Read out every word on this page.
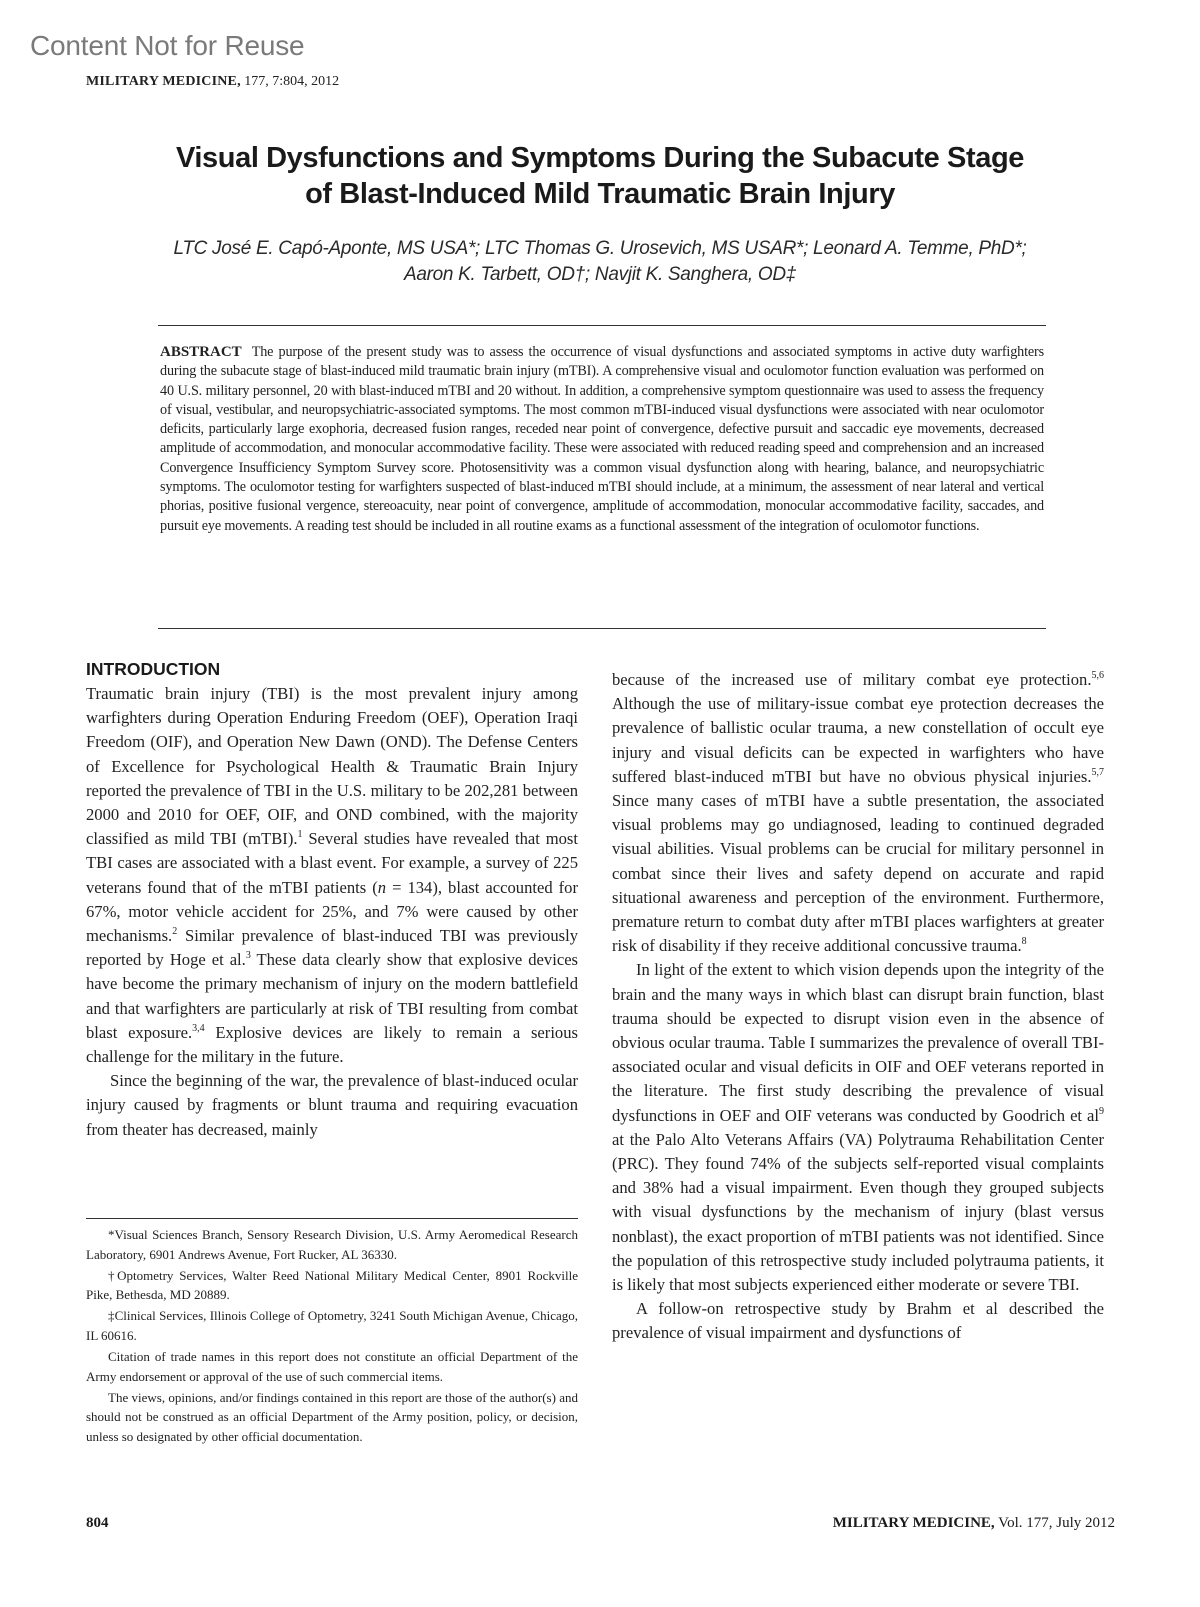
Content Not for Reuse
MILITARY MEDICINE, 177, 7:804, 2012
Visual Dysfunctions and Symptoms During the Subacute Stage
of Blast-Induced Mild Traumatic Brain Injury
LTC José E. Capó-Aponte, MS USA*; LTC Thomas G. Urosevich, MS USAR*; Leonard A. Temme, PhD*;
Aaron K. Tarbett, OD†; Navjit K. Sanghera, OD‡
ABSTRACT The purpose of the present study was to assess the occurrence of visual dysfunctions and associated symptoms in active duty warfighters during the subacute stage of blast-induced mild traumatic brain injury (mTBI). A comprehensive visual and oculomotor function evaluation was performed on 40 U.S. military personnel, 20 with blast-induced mTBI and 20 without. In addition, a comprehensive symptom questionnaire was used to assess the frequency of visual, vestibular, and neuropsychiatric-associated symptoms. The most common mTBI-induced visual dysfunctions were associated with near oculomotor deficits, particularly large exophoria, decreased fusion ranges, receded near point of convergence, defective pursuit and saccadic eye movements, decreased amplitude of accommodation, and monocular accommodative facility. These were associated with reduced reading speed and comprehension and an increased Convergence Insufficiency Symptom Survey score. Photosensitivity was a common visual dysfunction along with hearing, balance, and neuropsychiatric symptoms. The oculomotor testing for warfighters suspected of blast-induced mTBI should include, at a minimum, the assessment of near lateral and vertical phorias, positive fusional vergence, stereoacuity, near point of convergence, amplitude of accommodation, monocular accommodative facility, saccades, and pursuit eye movements. A reading test should be included in all routine exams as a functional assessment of the integration of oculomotor functions.
INTRODUCTION

Traumatic brain injury (TBI) is the most prevalent injury among warfighters during Operation Enduring Freedom (OEF), Operation Iraqi Freedom (OIF), and Operation New Dawn (OND). The Defense Centers of Excellence for Psychological Health & Traumatic Brain Injury reported the prevalence of TBI in the U.S. military to be 202,281 between 2000 and 2010 for OEF, OIF, and OND combined, with the majority classified as mild TBI (mTBI).$^1$ Several studies have revealed that most TBI cases are associated with a blast event. For example, a survey of 225 veterans found that of the mTBI patients (n = 134), blast accounted for 67%, motor vehicle accident for 25%, and 7% were caused by other mechanisms.$^2$ Similar prevalence of blast-induced TBI was previously reported by Hoge et al.$^3$ These data clearly show that explosive devices have become the primary mechanism of injury on the modern battlefield and that warfighters are particularly at risk of TBI resulting from combat blast exposure.$^{3,4}$ Explosive devices are likely to remain a serious challenge for the military in the future.

Since the beginning of the war, the prevalence of blast-induced ocular injury caused by fragments or blunt trauma and requiring evacuation from theater has decreased, mainly

*Visual Sciences Branch, Sensory Research Division, U.S. Army Aeromedical Research Laboratory, 6901 Andrews Avenue, Fort Rucker, AL 36330.

†Optometry Services, Walter Reed National Military Medical Center, 8901 Rockville Pike, Bethesda, MD 20889.

‡Clinical Services, Illinois College of Optometry, 3241 South Michigan Avenue, Chicago, IL 60616.

Citation of trade names in this report does not constitute an official Department of the Army endorsement or approval of the use of such commercial items.

The views, opinions, and/or findings contained in this report are those of the author(s) and should not be construed as an official Department of the Army position, policy, or decision, unless so designated by other official documentation.

because of the increased use of military combat eye protection.$^{5,6}$ Although the use of military-issue combat eye protection decreases the prevalence of ballistic ocular trauma, a new constellation of occult eye injury and visual deficits can be expected in warfighters who have suffered blast-induced mTBI but have no obvious physical injuries.$^{5,7}$ Since many cases of mTBI have a subtle presentation, the associated visual problems may go undiagnosed, leading to continued degraded visual abilities. Visual problems can be crucial for military personnel in combat since their lives and safety depend on accurate and rapid situational awareness and perception of the environment. Furthermore, premature return to combat duty after mTBI places warfighters at greater risk of disability if they receive additional concussive trauma.$^8$

In light of the extent to which vision depends upon the integrity of the brain and the many ways in which blast can disrupt brain function, blast trauma should be expected to disrupt vision even in the absence of obvious ocular trauma. Table I summarizes the prevalence of overall TBI-associated ocular and visual deficits in OIF and OEF veterans reported in the literature. The first study describing the prevalence of visual dysfunctions in OEF and OIF veterans was conducted by Goodrich et $al^9$ at the Palo Alto Veterans Affairs (VA) Polytrauma Rehabilitation Center (PRC). They found 74% of the subjects self-reported visual complaints and 38% had a visual impairment. Even though they grouped subjects with visual dysfunctions by the mechanism of injury (blast versus nonblast), the exact proportion of mTBI patients was not identified. Since the population of this retrospective study included polytrauma patients, it is likely that most subjects experienced either moderate or severe TBI.

A follow-on retrospective study by Brahm et al described the prevalence of visual impairment and dysfunctions of

804	MILITARY MEDICINE, Vol. 177, July 2012
